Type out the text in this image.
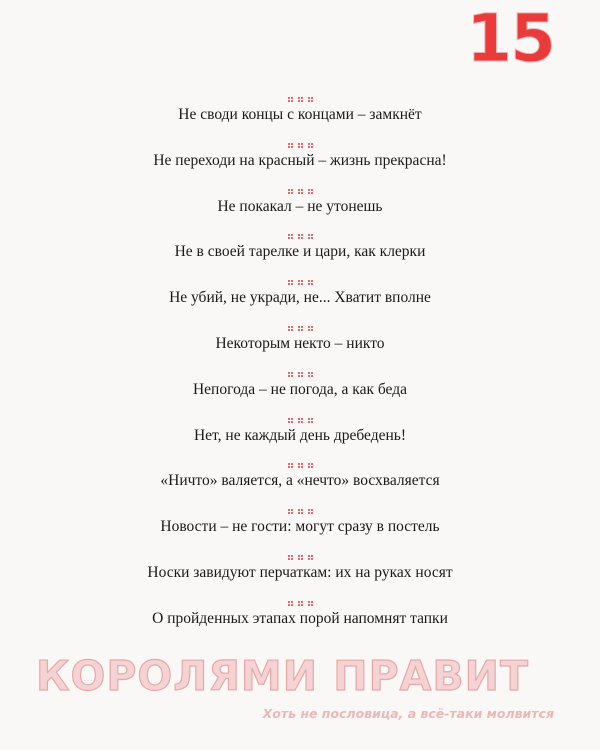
15
Не своди концы с концами – замкнёт
Не переходи на красный – жизнь прекрасна!
Не покакал – не утонешь
Не в своей тарелке и цари, как клерки
Не убий, не укради, не... Хватит вполне
Некоторым некто – никто
Непогода – не погода, а как беда
Нет, не каждый день дребедень!
«Ничто» валяется, а «нечто» восхваляется
Новости – не гости: могут сразу в постель
Носки завидуют перчаткам: их на руках носят
О пройденных этапах порой напомнят тапки
КОРОЛЯМИ ПРАВИТ
Хоть не пословица, а всё-таки молвится
